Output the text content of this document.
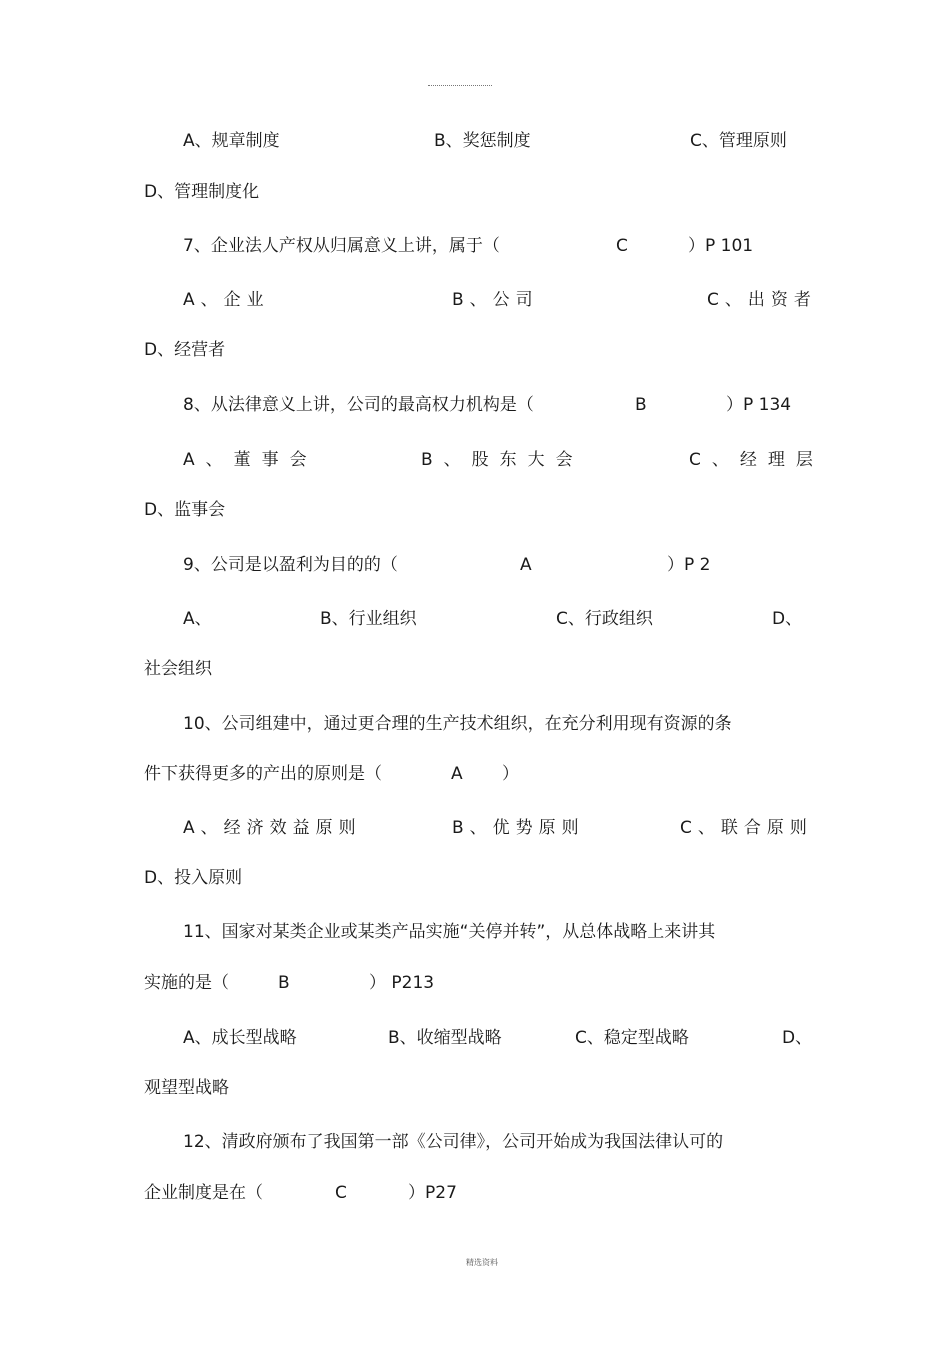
A、规章制度	B、奖惩制度	C、管理原则
D、管理制度化
7、企业法人产权从归属意义上讲，属于（	C	）P 101
A、企业	B、公司	C、出资者
D、经营者
8、从法律意义上讲，公司的最高权力机构是（	B	）P 134
A、董事会	B、股东大会	C、经理层
D、监事会
9、公司是以盈利为目的的（	A	）P 2
A、	B、行业组织	C、行政组织	D、
社会组织
10、公司组建中，通过更合理的生产技术组织，在充分利用现有资源的条
件下获得更多的产出的原则是（	A ）
A、经济效益原则	B、优势原则	C、联合原则
D、投入原则
11、国家对某类企业或某类产品实施“关停并转”，从总体战略上来讲其
实施的是（	B	） P213
A、成长型战略	B、收缩型战略	C、稳定型战略	D、
观望型战略
12、清政府颁布了我国第一部《公司律》，公司开始成为我国法律认可的
企业制度是在（	C	）P27
精选资料
